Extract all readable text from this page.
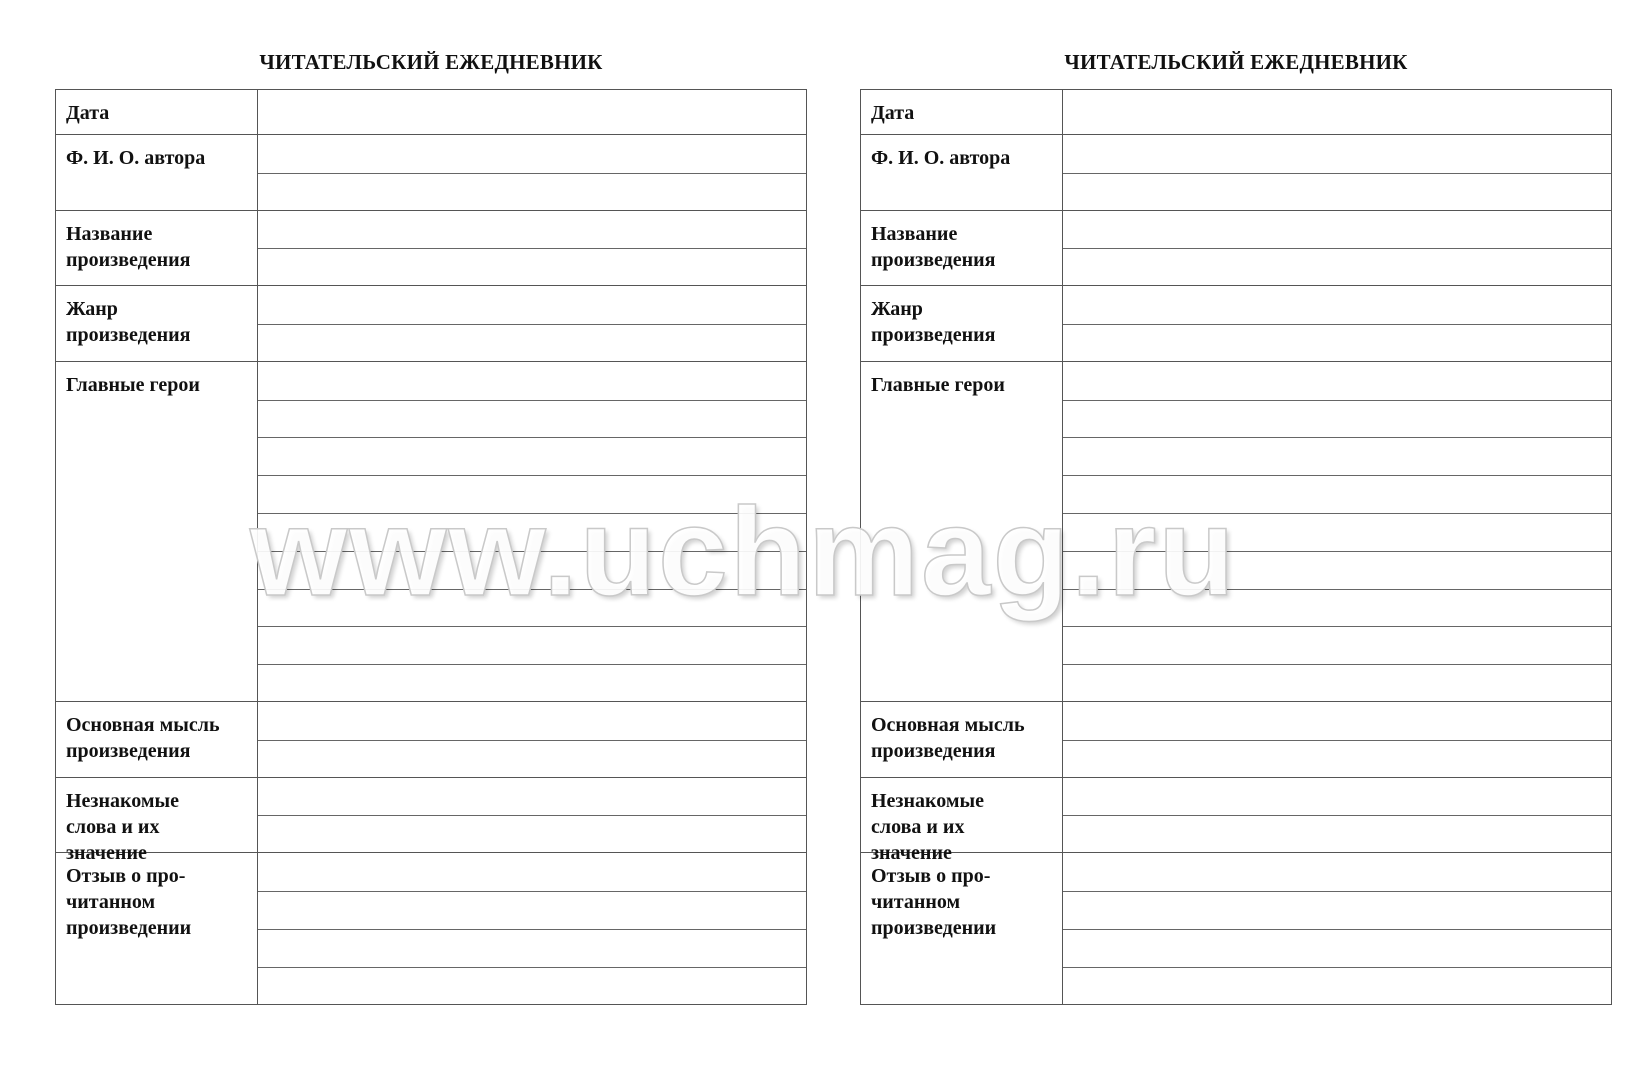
ЧИТАТЕЛЬСКИЙ ЕЖЕДНЕВНИК
Дата
Ф. И. О. автора
Название
произведения
Жанр
произведения
Главные герои
Основная мысль
произведения
Незнакомые
слова и их
значение
Отзыв о про-
читанном
произведении
ЧИТАТЕЛЬСКИЙ ЕЖЕДНЕВНИК
Дата
Ф. И. О. автора
Название
произведения
Жанр
произведения
Главные герои
Основная мысль
произведения
Незнакомые
слова и их
значение
Отзыв о про-
читанном
произведении
www.uchmag.ru
